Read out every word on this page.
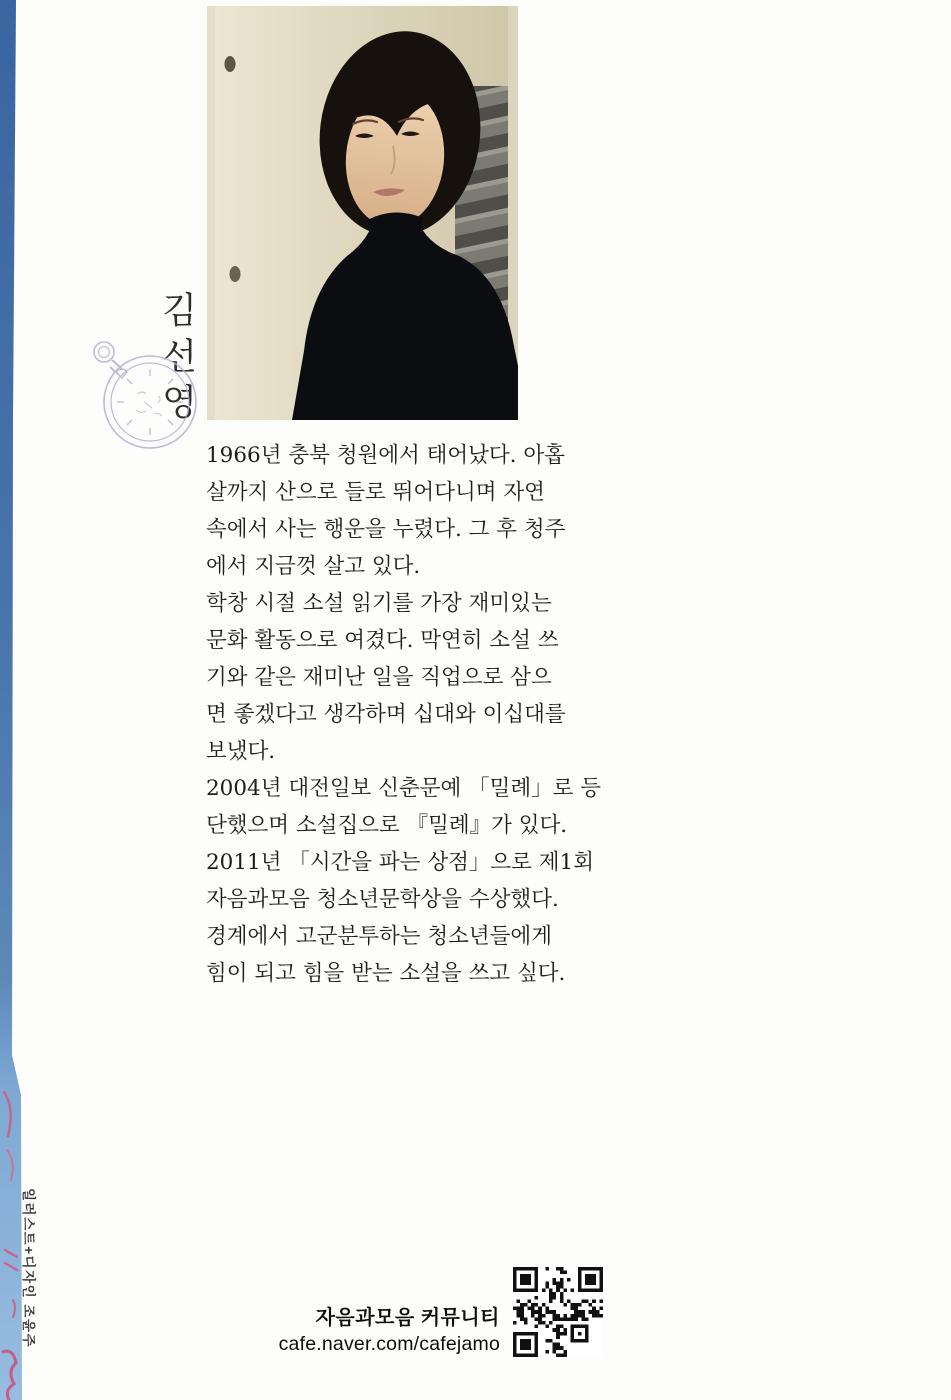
일러스트+디자인 조윤주
김선영
1966년 충북 청원에서 태어났다. 아홉
살까지 산으로 들로 뛰어다니며 자연
속에서 사는 행운을 누렸다. 그 후 청주
에서 지금껏 살고 있다.
학창 시절 소설 읽기를 가장 재미있는
문화 활동으로 여겼다. 막연히 소설 쓰
기와 같은 재미난 일을 직업으로 삼으
면 좋겠다고 생각하며 십대와 이십대를
보냈다.
2004년 대전일보 신춘문예 「밀례」로 등
단했으며 소설집으로 『밀례』가 있다.
2011년 「시간을 파는 상점」으로 제1회
자음과모음 청소년문학상을 수상했다.
경계에서 고군분투하는 청소년들에게
힘이 되고 힘을 받는 소설을 쓰고 싶다.
자음과모음 커뮤니티
cafe.naver.com/cafejamo
